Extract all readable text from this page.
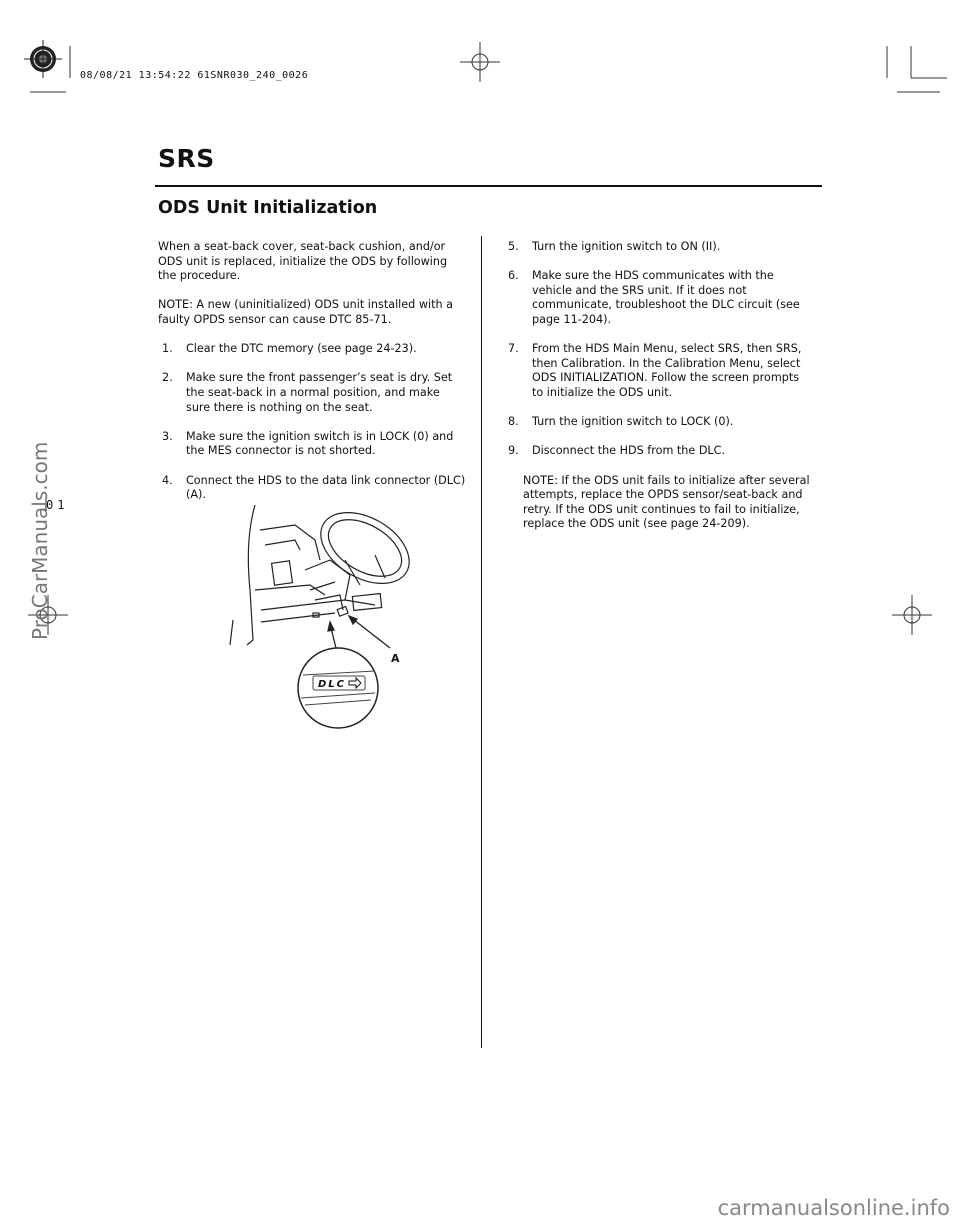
08/08/21 13:54:22 61SNR030_240_0026
SRS
ODS Unit Initialization

When a seat-back cover, seat-back cushion, and/or ODS unit is replaced, initialize the ODS by following the procedure.

NOTE: A new (uninitialized) ODS unit installed with a faulty OPDS sensor can cause DTC 85-71.

1. Clear the DTC memory (see page 24-23).
2. Make sure the front passenger’s seat is dry. Set the seat-back in a normal position, and make sure there is nothing on the seat.
3. Make sure the ignition switch is in LOCK (0) and the MES connector is not shorted.
4. Connect the HDS to the data link connector (DLC) (A).
5. Turn the ignition switch to ON (II).
6. Make sure the HDS communicates with the vehicle and the SRS unit. If it does not communicate, troubleshoot the DLC circuit (see page 11-204).
7. From the HDS Main Menu, select SRS, then SRS, then Calibration. In the Calibration Menu, select ODS INITIALIZATION. Follow the screen prompts to initialize the ODS unit.
8. Turn the ignition switch to LOCK (0).
9. Disconnect the HDS from the DLC.

NOTE: If the ODS unit fails to initialize after several attempts, replace the OPDS sensor/seat-back and retry. If the ODS unit continues to fail to initialize, replace the ODS unit (see page 24-209).

DLC
A
01
ProCarManuals.com
carmanualsonline.info
